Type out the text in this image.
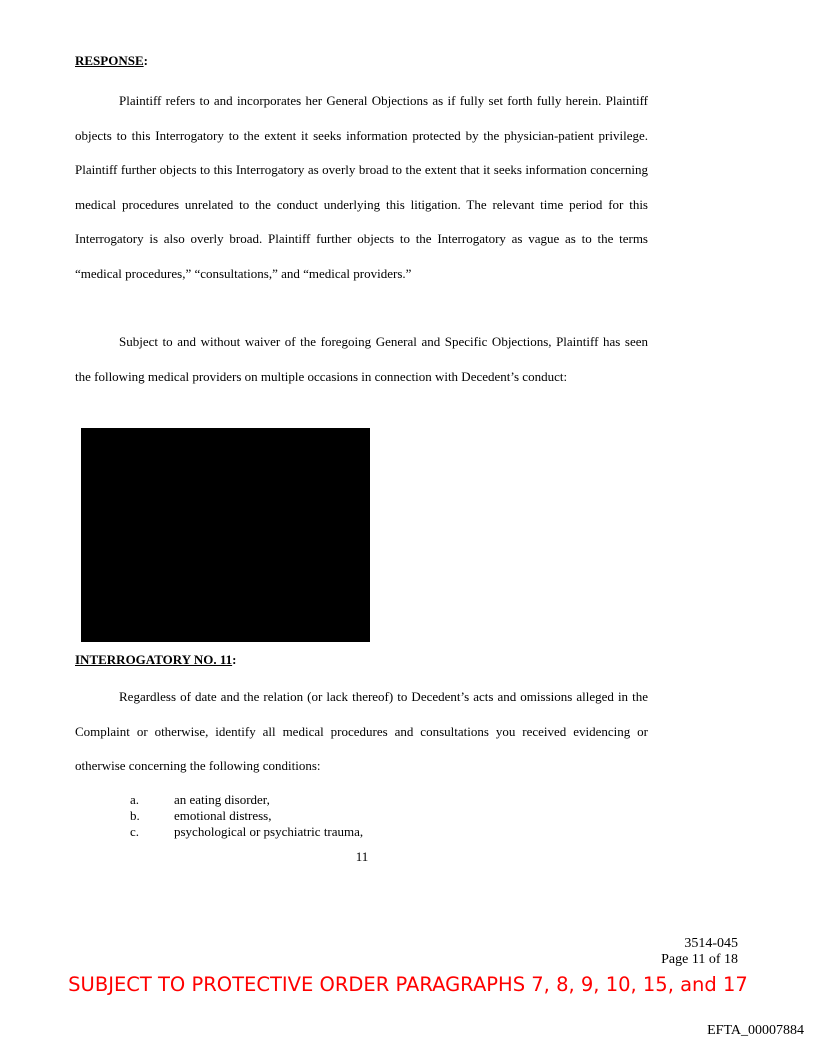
RESPONSE:

Plaintiff refers to and incorporates her General Objections as if fully set forth fully herein. Plaintiff objects to this Interrogatory to the extent it seeks information protected by the physician-patient privilege. Plaintiff further objects to this Interrogatory as overly broad to the extent that it seeks information concerning medical procedures unrelated to the conduct underlying this litigation. The relevant time period for this Interrogatory is also overly broad. Plaintiff further objects to the Interrogatory as vague as to the terms “medical procedures,” “consultations,” and “medical providers.”

Subject to and without waiver of the foregoing General and Specific Objections, Plaintiff has seen the following medical providers on multiple occasions in connection with Decedent’s conduct:

INTERROGATORY NO. 11:

Regardless of date and the relation (or lack thereof) to Decedent’s acts and omissions alleged in the Complaint or otherwise, identify all medical procedures and consultations you received evidencing or otherwise concerning the following conditions:

a.	an eating disorder,
b.	emotional distress,
c.	psychological or psychiatric trauma,
11
3514-045
Page 11 of 18
SUBJECT TO PROTECTIVE ORDER PARAGRAPHS 7, 8, 9, 10, 15, and 17
EFTA_00007884
